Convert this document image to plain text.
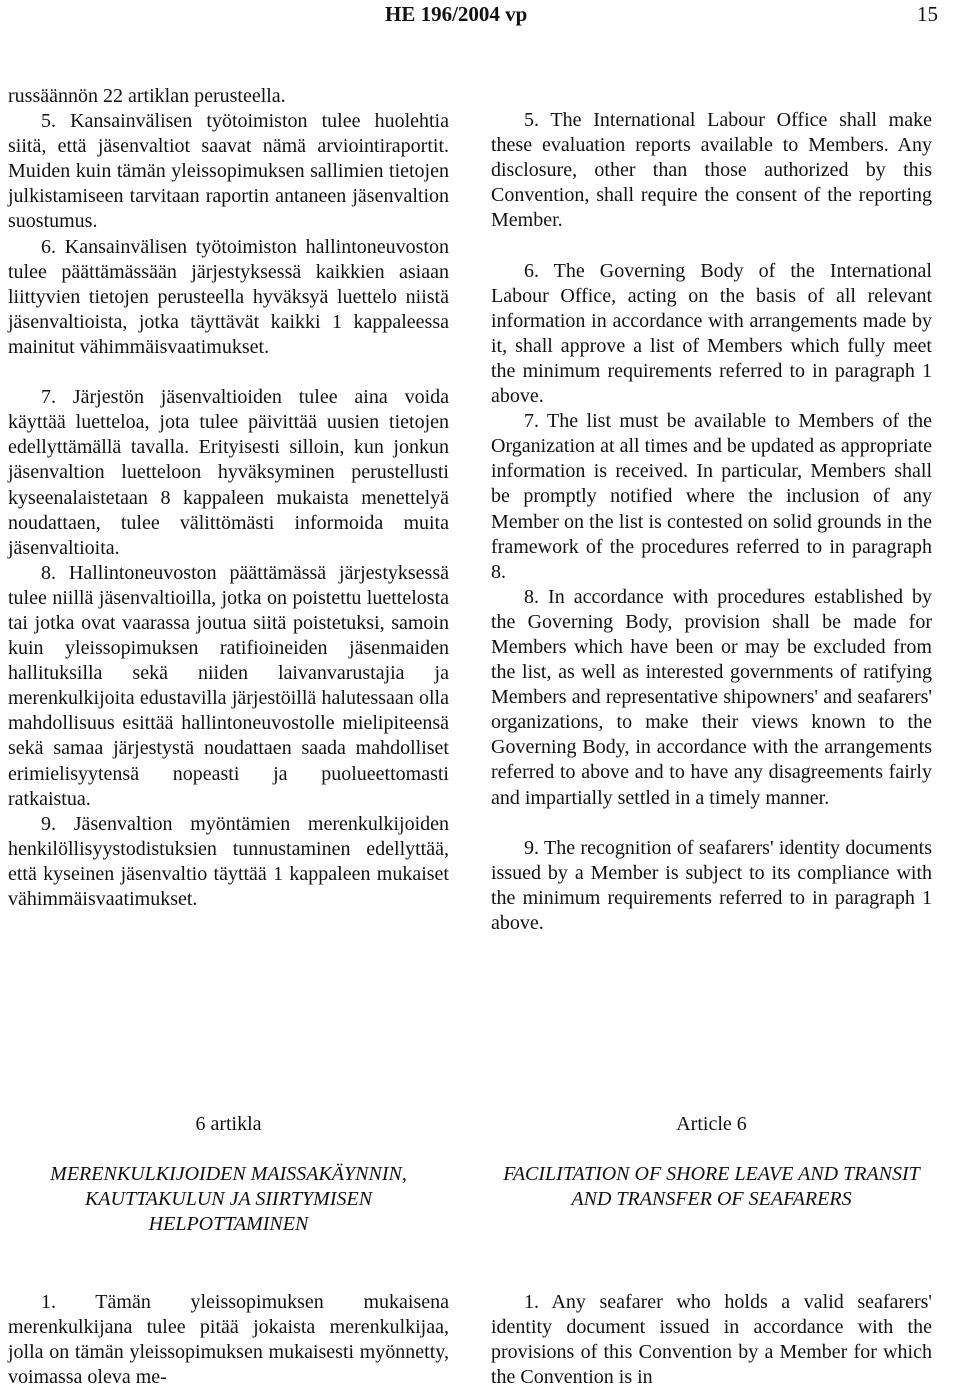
HE 196/2004 vp	15

russäännön 22 artiklan perusteella.

5. Kansainvälisen työtoimiston tulee huolehtia siitä, että jäsenvaltiot saavat nämä arviointiraportit. Muiden kuin tämän yleissopimuksen sallimien tietojen julkistamiseen tarvitaan raportin antaneen jäsenvaltion suostumus.

6. Kansainvälisen työtoimiston hallintoneuvoston tulee päättämässään järjestyksessä kaikkien asiaan liittyvien tietojen perusteella hyväksyä luettelo niistä jäsenvaltioista, jotka täyttävät kaikki 1 kappaleessa mainitut vähimmäisvaatimukset.

7. Järjestön jäsenvaltioiden tulee aina voida käyttää luetteloa, jota tulee päivittää uusien tietojen edellyttämällä tavalla. Erityisesti silloin, kun jonkun jäsenvaltion luetteloon hyväksyminen perustellusti kyseenalaistetaan 8 kappaleen mukaista menettelyä noudattaen, tulee välittömästi informoida muita jäsenvaltioita.

8. Hallintoneuvoston päättämässä järjestyksessä tulee niillä jäsenvaltioilla, jotka on poistettu luettelosta tai jotka ovat vaarassa joutua siitä poistetuksi, samoin kuin yleissopimuksen ratifioineiden jäsenmaiden hallituksilla sekä niiden laivanvarustajia ja merenkulkijoita edustavilla järjestöillä halutessaan olla mahdollisuus esittää hallintoneuvostolle mielipiteensä sekä samaa järjestystä noudattaen saada mahdolliset erimielisyytensä nopeasti ja puolueettomasti ratkaistua.

9. Jäsenvaltion myöntämien merenkulkijoiden henkilöllisyystodistuksien tunnustaminen edellyttää, että kyseinen jäsenvaltio täyttää 1 kappaleen mukaiset vähimmäisvaatimukset.

5. The International Labour Office shall make these evaluation reports available to Members. Any disclosure, other than those authorized by this Convention, shall require the consent of the reporting Member.

6. The Governing Body of the International Labour Office, acting on the basis of all relevant information in accordance with arrangements made by it, shall approve a list of Members which fully meet the minimum requirements referred to in paragraph 1 above.

7. The list must be available to Members of the Organization at all times and be updated as appropriate information is received. In particular, Members shall be promptly notified where the inclusion of any Member on the list is contested on solid grounds in the framework of the procedures referred to in paragraph 8.

8. In accordance with procedures established by the Governing Body, provision shall be made for Members which have been or may be excluded from the list, as well as interested governments of ratifying Members and representative shipowners' and seafarers' organizations, to make their views known to the Governing Body, in accordance with the arrangements referred to above and to have any disagreements fairly and impartially settled in a timely manner.

9. The recognition of seafarers' identity documents issued by a Member is subject to its compliance with the minimum requirements referred to in paragraph 1 above.

6 artikla
MERENKULKIJOIDEN MAISSAKÄYNNIN, KAUTTAKULUN JA SIIRTYMISEN HELPOTTAMINEN
Article 6
FACILITATION OF SHORE LEAVE AND TRANSIT AND TRANSFER OF SEAFARERS

1. Tämän yleissopimuksen mukaisena merenkulkijana tulee pitää jokaista merenkulkijaa, jolla on tämän yleissopimuksen mukaisesti myönnetty, voimassa oleva me-

1. Any seafarer who holds a valid seafarers' identity document issued in accordance with the provisions of this Convention by a Member for which the Convention is in
